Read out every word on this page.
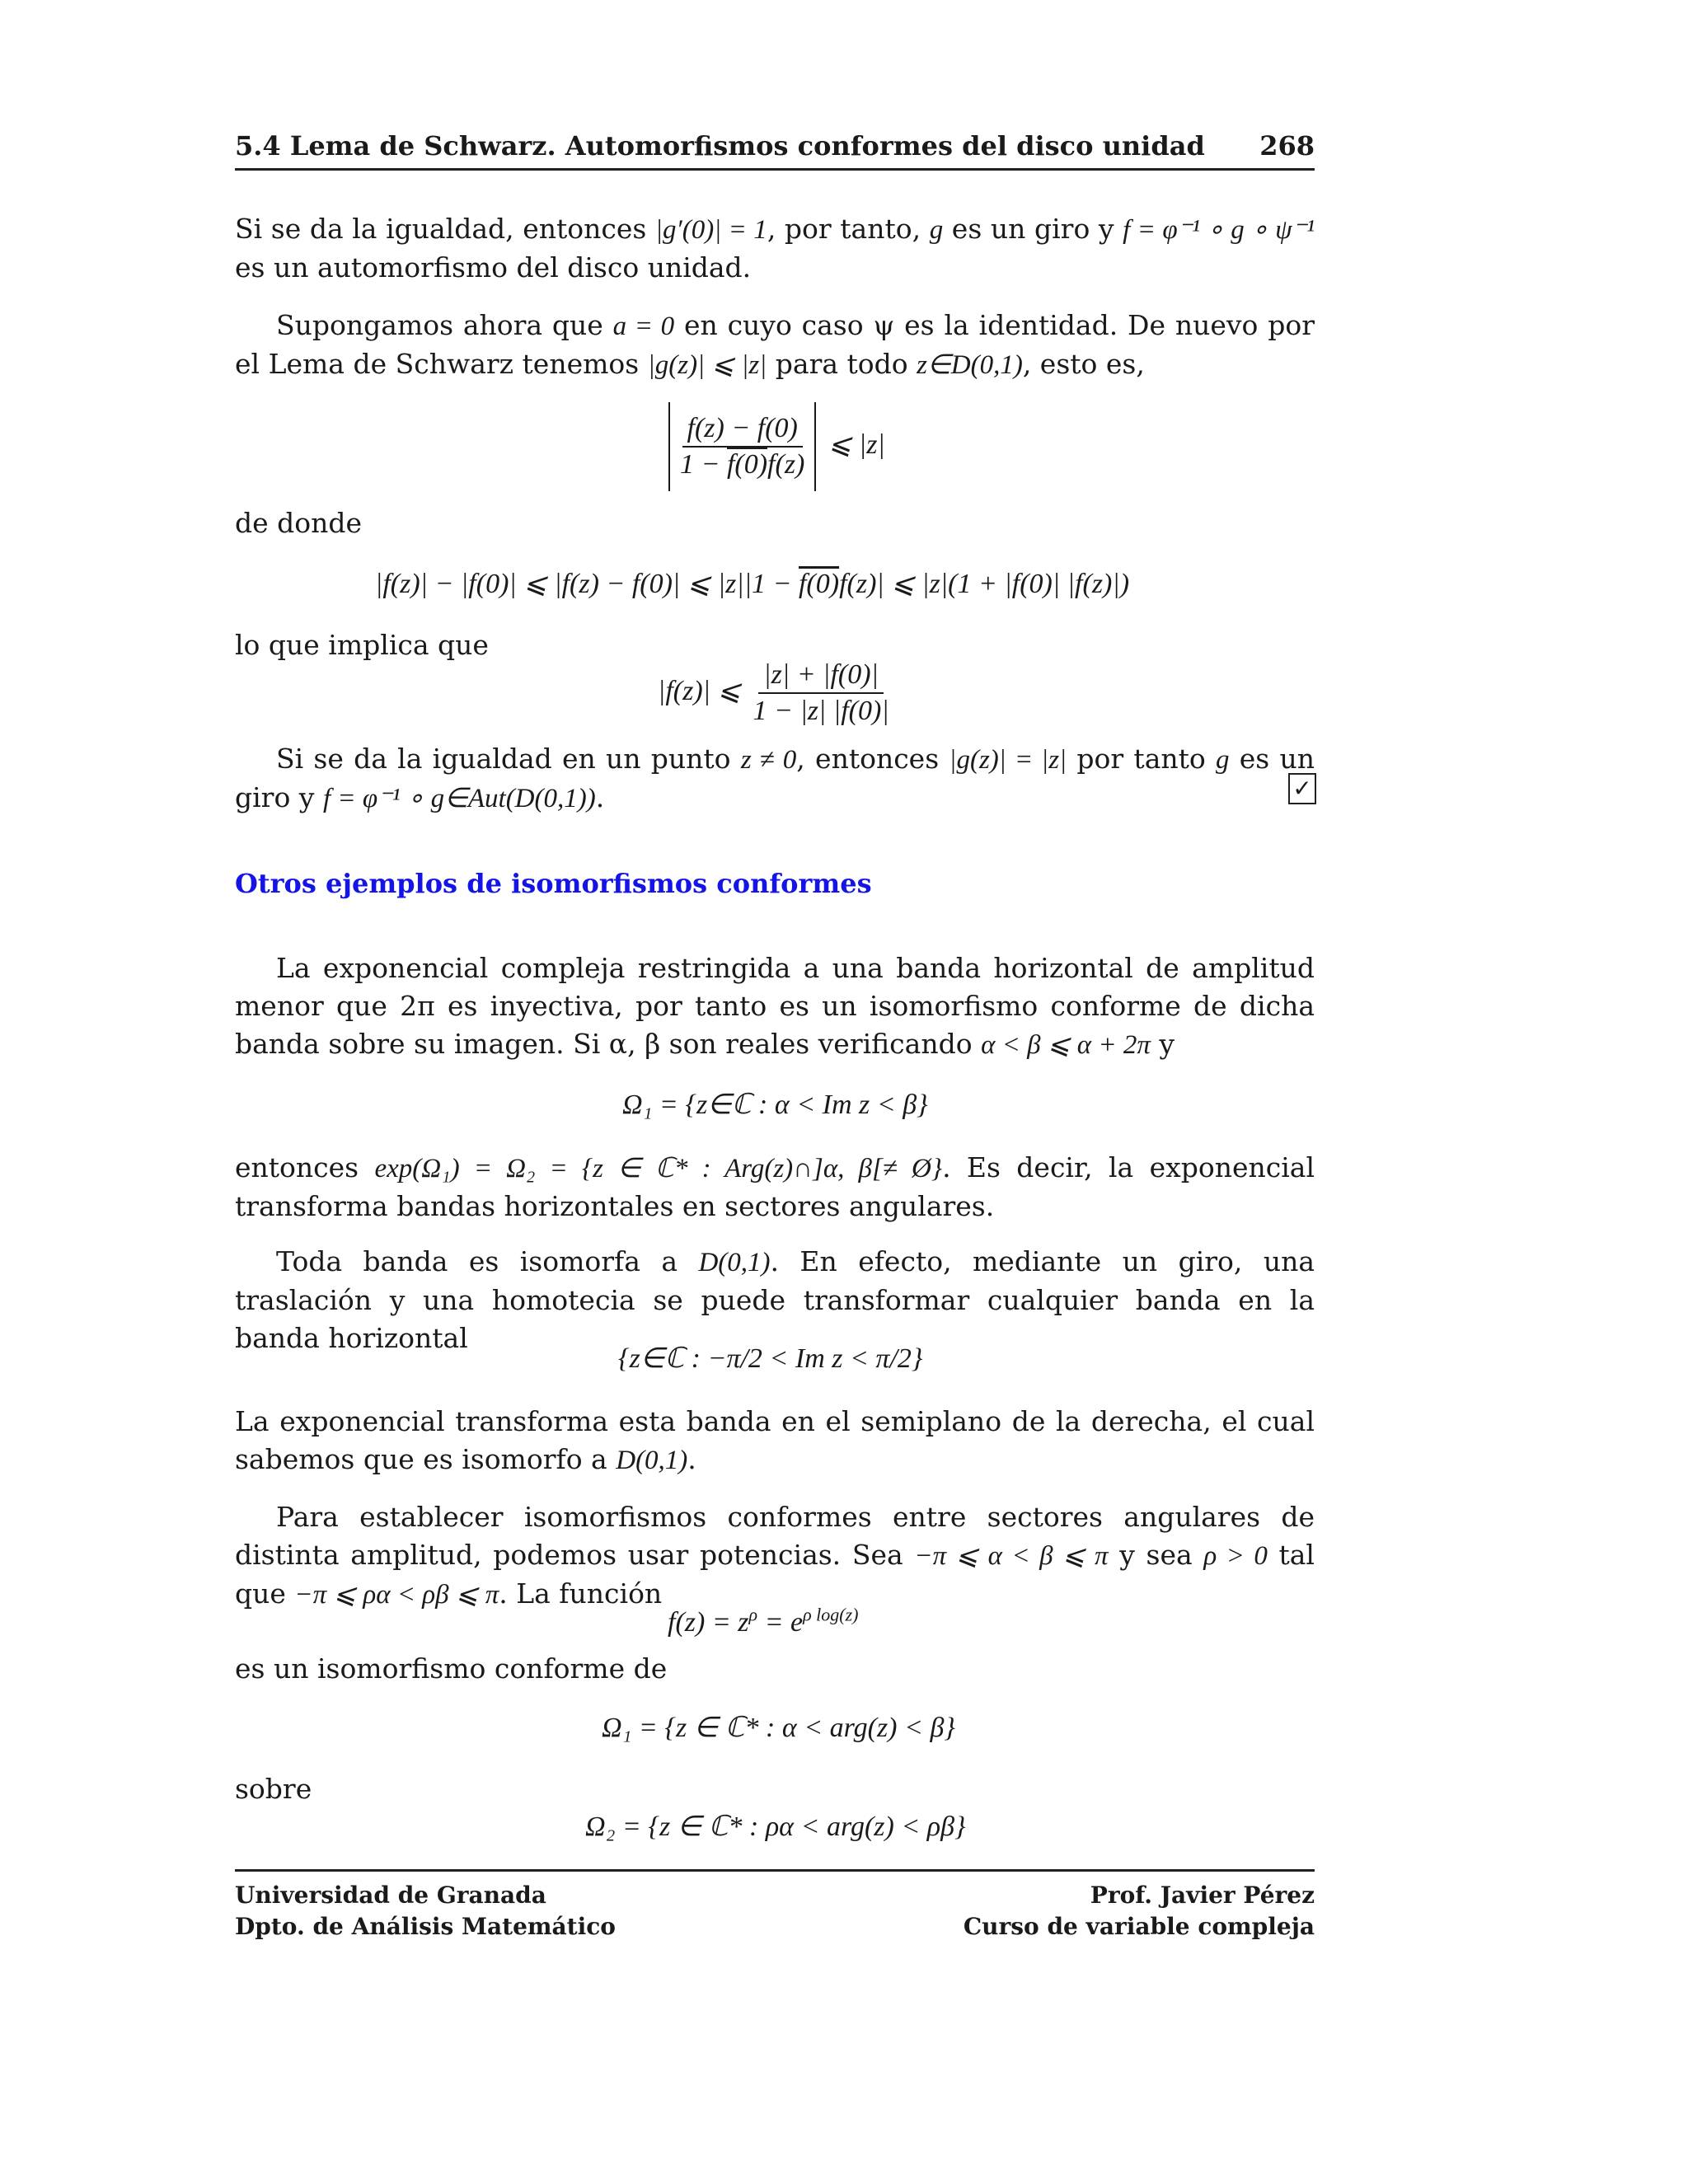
5.4 Lema de Schwarz. Automorfismos conformes del disco unidad 268
Si se da la igualdad, entonces |g′(0)| = 1, por tanto, g es un giro y f = φ⁻¹ ∘ g ∘ ψ⁻¹ es un automorfismo del disco unidad.
Supongamos ahora que a = 0 en cuyo caso ψ es la identidad. De nuevo por el Lema de Schwarz tenemos |g(z)| ⩽ |z| para todo z∈D(0,1), esto es,
$\frac{f(z) - f(0)}{1 - f(0)f(z)}$ ⩽ |z|
de donde
|f(z)| − |f(0)| ⩽ |f(z) − f(0)| ⩽ |z||1 − f(0)f(z)| ⩽ |z|(1 + |f(0)| |f(z)|)
lo que implica que
|f(z)| ⩽ $\frac{|z| + |f(0)|}{1 - |z| |f(0)|}$
Si se da la igualdad en un punto z ≠ 0, entonces |g(z)| = |z| por tanto g es un giro y f = φ⁻¹ ∘ g∈Aut(D(0,1)).	✓
Otros ejemplos de isomorfismos conformes
La exponencial compleja restringida a una banda horizontal de amplitud menor que 2π es inyectiva, por tanto es un isomorfismo conforme de dicha banda sobre su imagen. Si α, β son reales verificando α < β ⩽ α + 2π y
Ω₁ = {z∈ℂ : α < Im z < β}
entonces exp(Ω₁) = Ω₂ = {z ∈ ℂ* : Arg(z)∩]α, β[≠ Ø}. Es decir, la exponencial transforma bandas horizontales en sectores angulares.
Toda banda es isomorfa a D(0,1). En efecto, mediante un giro, una traslación y una homotecia se puede transformar cualquier banda en la banda horizontal
{z∈ℂ : −π/2 < Im z < π/2}
La exponencial transforma esta banda en el semiplano de la derecha, el cual sabemos que es isomorfo a D(0,1).
Para establecer isomorfismos conformes entre sectores angulares de distinta amplitud, podemos usar potencias. Sea −π ⩽ α < β ⩽ π y sea ρ > 0 tal que −π ⩽ ρα < ρβ ⩽ π. La función
$f(z) = z^\rho = e^{\rho log(z)}$
es un isomorfismo conforme de
Ω₁ = {z ∈ ℂ* : α < arg(z) < β}
sobre
Ω₂ = {z ∈ ℂ* : ρα < arg(z) < ρβ}
Universidad de Granada
Dpto. de Análisis Matemático
Prof. Javier Pérez
Curso de variable compleja
